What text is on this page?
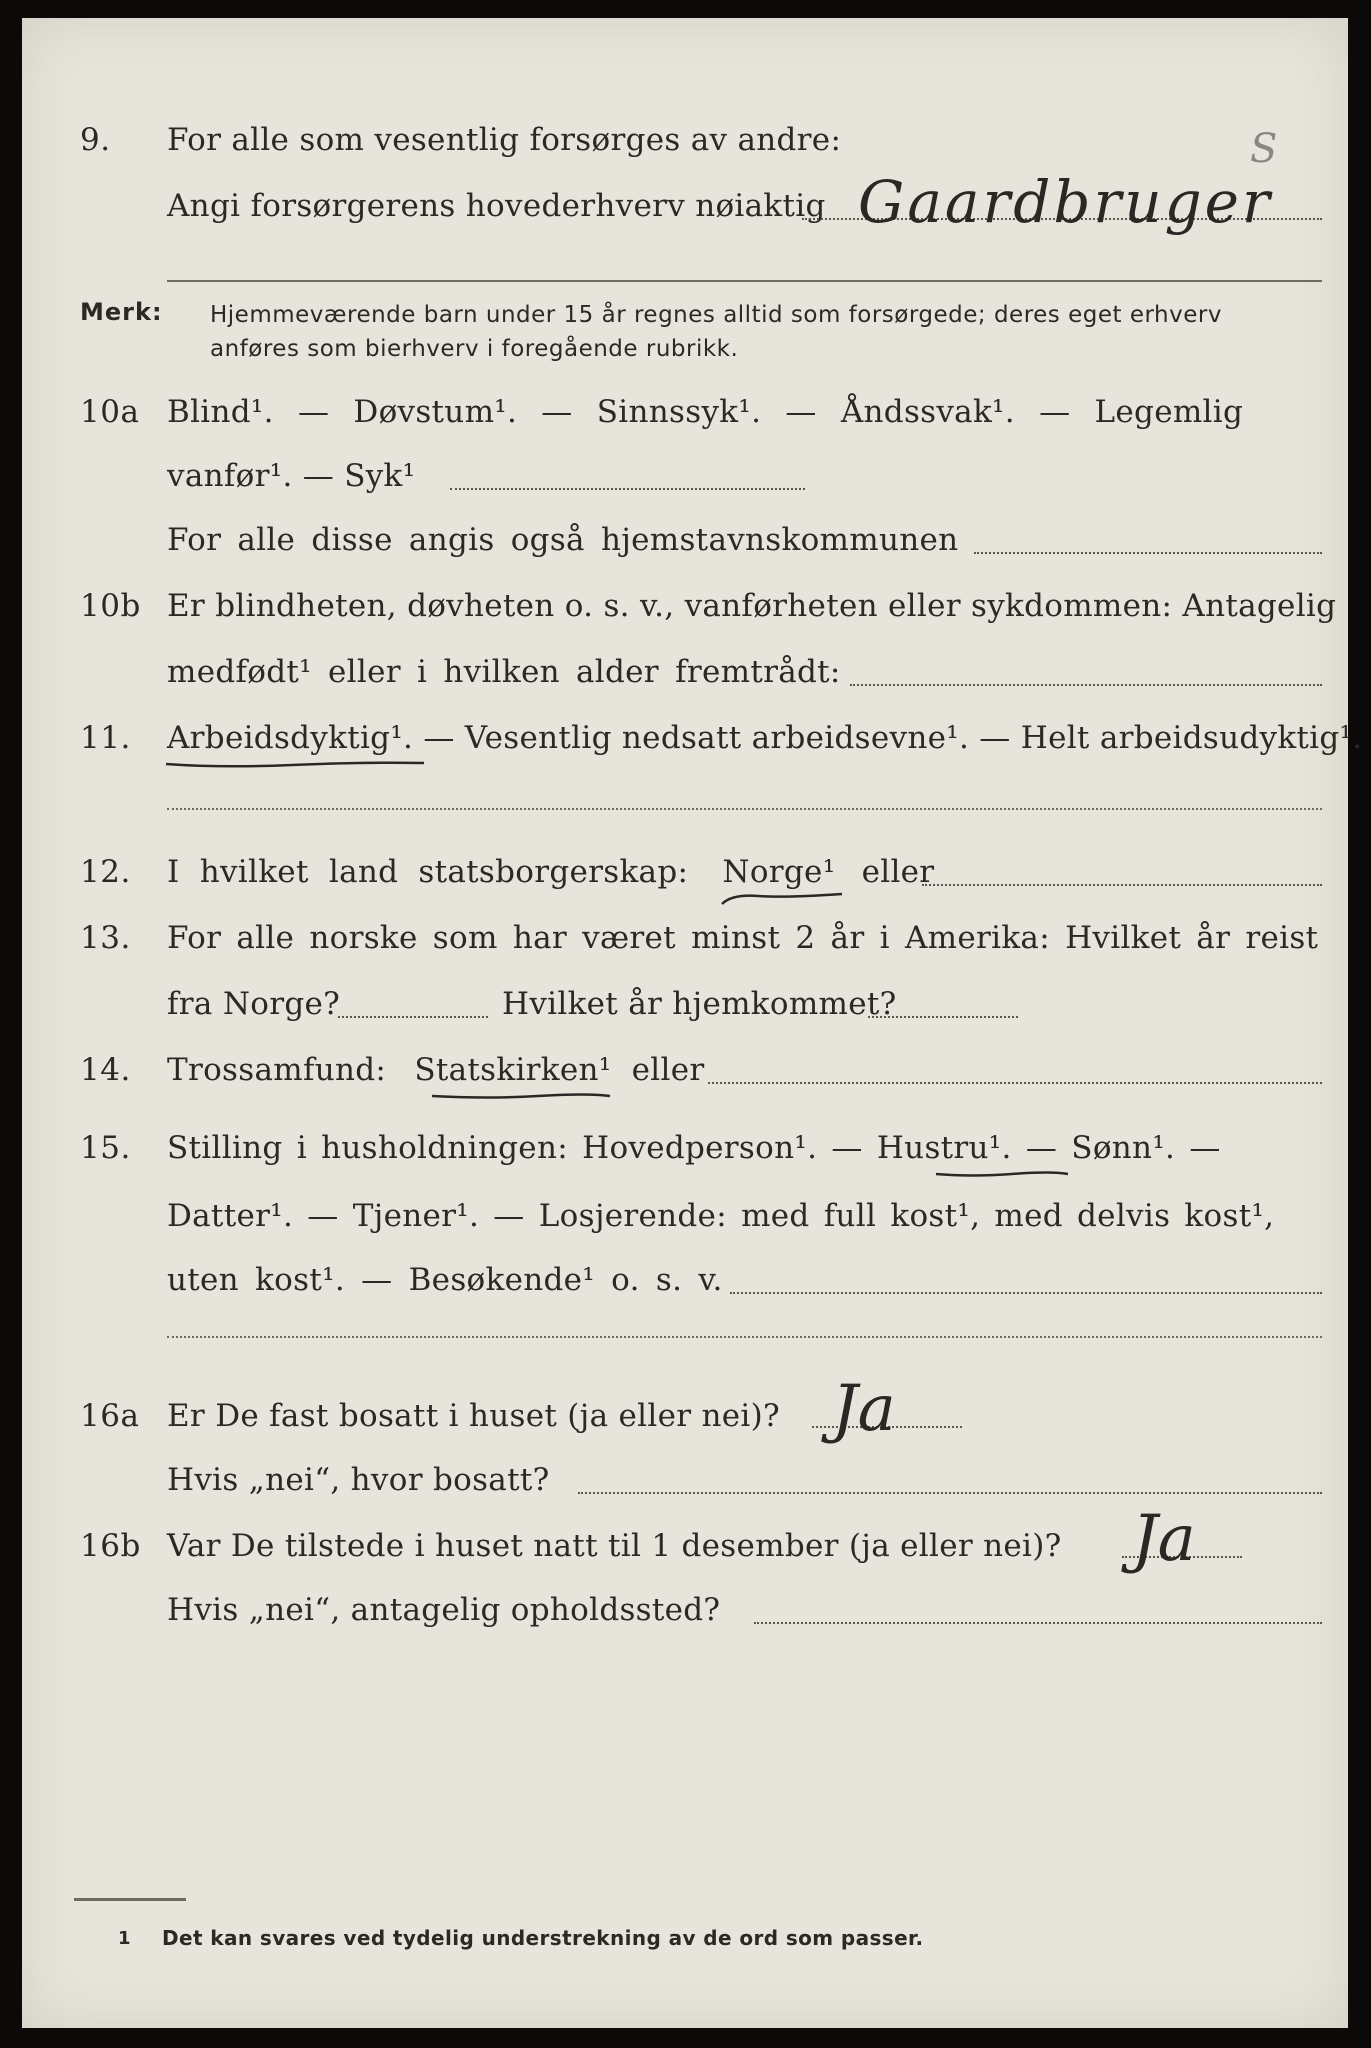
9. For alle som vesentlig forsørges av andre:	S
Angi forsørgerens hovederhverv nøiaktig Gaardbruger
Merk: Hjemmeværende barn under 15 år regnes alltid som forsørgede; deres eget erhverv
anføres som bierhverv i foregående rubrikk.
10a Blind¹. — Døvstum¹. — Sinnssyk¹. — Åndssvak¹. — Legemlig
vanfør¹. — Syk¹
For alle disse angis også hjemstavnskommunen
10b Er blindheten, døvheten o. s. v., vanførheten eller sykdommen: Antagelig
medfødt¹ eller i hvilken alder fremtrådt:
11. Arbeidsdyktig¹. — Vesentlig nedsatt arbeidsevne¹. — Helt arbeidsudyktig¹.
12. I hvilket land statsborgerskap: Norge¹ eller
13. For alle norske som har været minst 2 år i Amerika: Hvilket år reist
fra Norge?	Hvilket år hjemkommet?
14. Trossamfund: Statskirken¹ eller
15. Stilling i husholdningen: Hovedperson¹. — Hustru¹. — Sønn¹. —
Datter¹. — Tjener¹. — Losjerende: med full kost¹, med delvis kost¹,
uten kost¹. — Besøkende¹ o. s. v.
16a Er De fast bosatt i huset (ja eller nei)? Ja
Hvis „nei“, hvor bosatt?
16b Var De tilstede i huset natt til 1 desember (ja eller nei)? Ja
Hvis „nei“, antagelig opholdssted?
1 Det kan svares ved tydelig understrekning av de ord som passer.
